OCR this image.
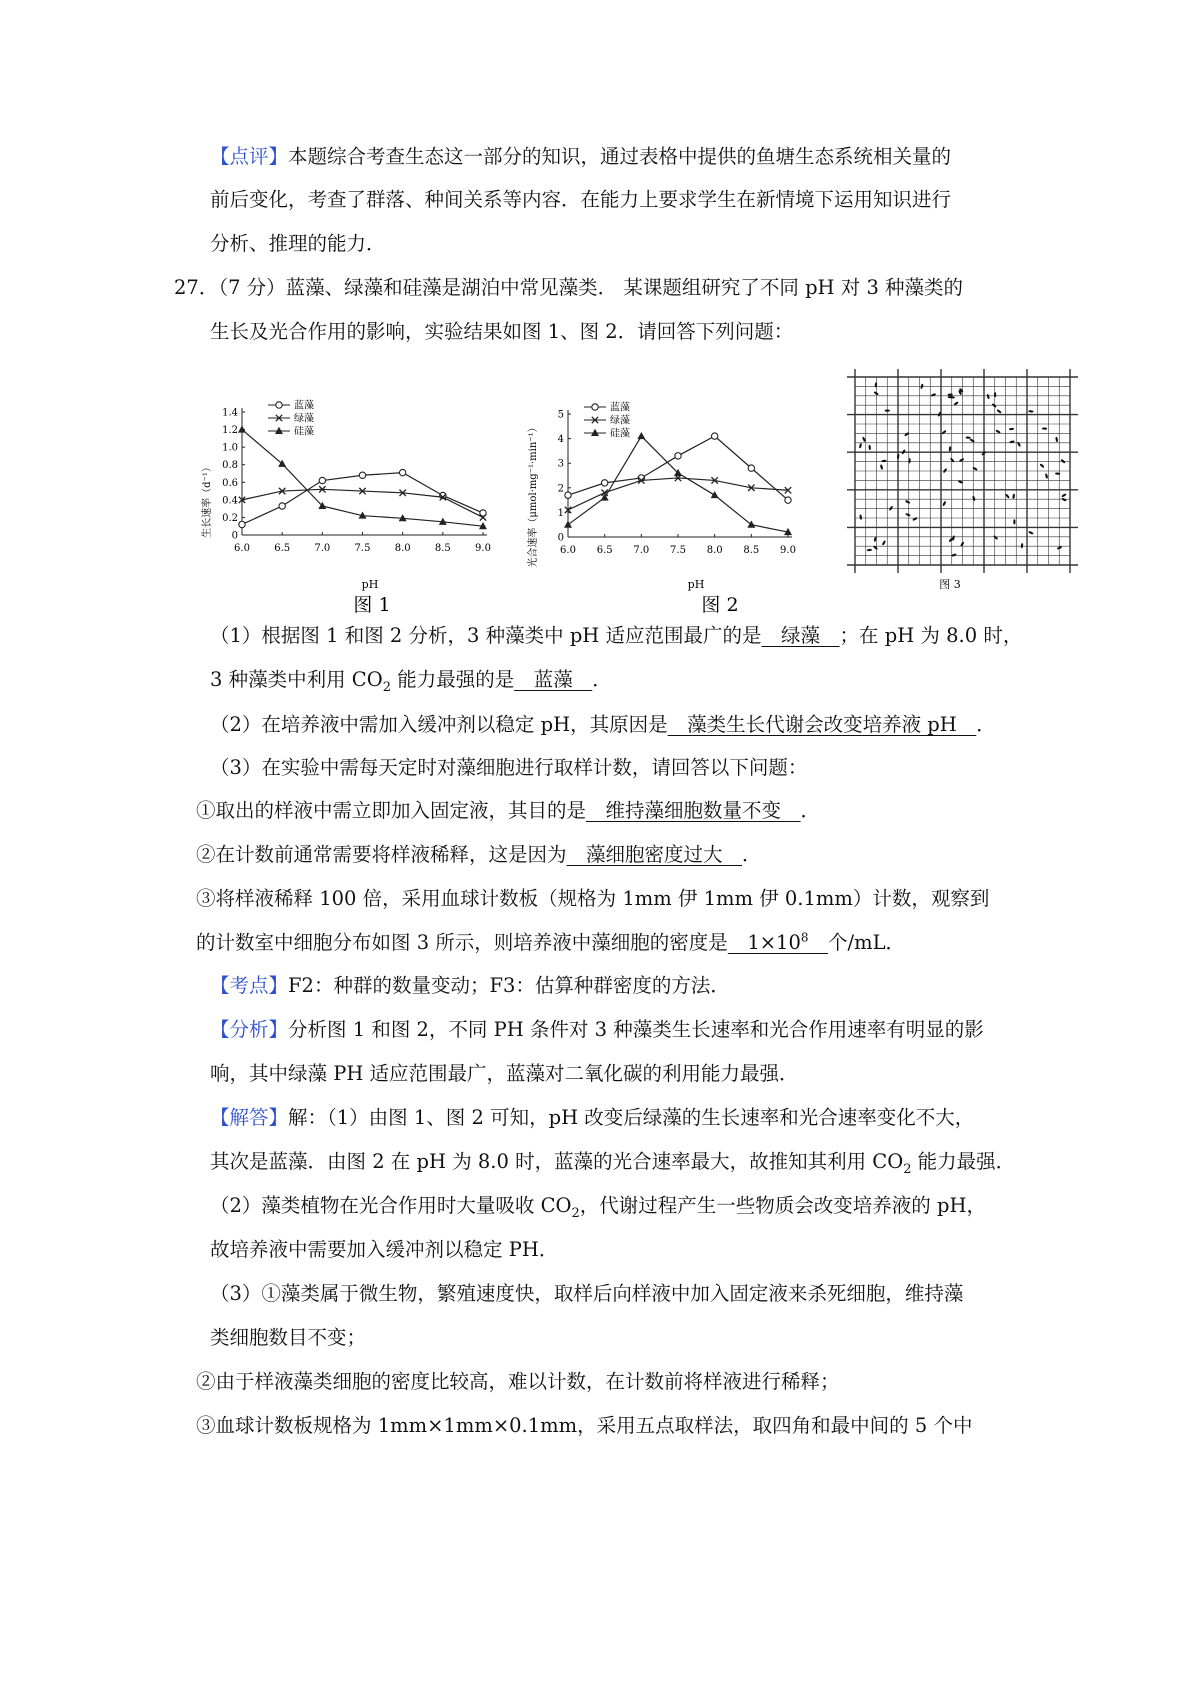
【点评】本题综合考查生态这一部分的知识，通过表格中提供的鱼塘生态系统相关量的
前后变化，考查了群落、种间关系等内容．在能力上要求学生在新情境下运用知识进行
分析、推理的能力．
27．（7 分）蓝藻、绿藻和硅藻是湖泊中常见藻类． 某课题组研究了不同 pH 对 3 种藻类的
生长及光合作用的影响，实验结果如图 1、图 2．请回答下列问题：
蓝藻
绿藻
硅藻
生长速率（d⁻¹）
pH
图 1
0
0.2
0.4
0.6
0.8
1.0
1.2
1.4
6.0 6.5 7.0 7.5 8.0 8.5 9.0
蓝藻
绿藻
硅藻
光合速率（μmol·mg⁻¹·min⁻¹）
pH
图 2
0
1
2
3
4
5
6.0 6.5 7.0 7.5 8.0 8.5 9.0
图 3
（1）根据图 1 和图 2 分析，3 种藻类中 pH 适应范围最广的是　绿藻　；在 pH 为 8.0 时，
3 种藻类中利用 $CO_2$ 能力最强的是　蓝藻　．
（2）在培养液中需加入缓冲剂以稳定 pH，其原因是　藻类生长代谢会改变培养液 pH　．
（3）在实验中需每天定时对藻细胞进行取样计数，请回答以下问题：
①取出的样液中需立即加入固定液，其目的是　维持藻细胞数量不变　．
②在计数前通常需要将样液稀释，这是因为　藻细胞密度过大　．
③将样液稀释 100 倍，采用血球计数板（规格为 1mm 伊 1mm 伊 0.1mm）计数，观察到
的计数室中细胞分布如图 3 所示，则培养液中藻细胞的密度是　$1\times 10^8$　 个/mL．
【考点】F2：种群的数量变动；F3：估算种群密度的方法．
【分析】分析图 1 和图 2，不同 PH 条件对 3 种藻类生长速率和光合作用速率有明显的影
响，其中绿藻 PH 适应范围最广，蓝藻对二氧化碳的利用能力最强．
【解答】解：（1）由图 1、图 2 可知，pH 改变后绿藻的生长速率和光合速率变化不大，
其次是蓝藻．由图 2 在 pH 为 8.0 时，蓝藻的光合速率最大，故推知其利用 $CO_2$ 能力最强．
（2）藻类植物在光合作用时大量吸收 $CO_2$，代谢过程产生一些物质会改变培养液的 pH，
故培养液中需要加入缓冲剂以稳定 PH．
（3）①藻类属于微生物，繁殖速度快，取样后向样液中加入固定液来杀死细胞，维持藻
类细胞数目不变；
②由于样液藻类细胞的密度比较高，难以计数，在计数前将样液进行稀释；
③血球计数板规格为 1mm×1mm×0.1mm，采用五点取样法，取四角和最中间的 5 个中
